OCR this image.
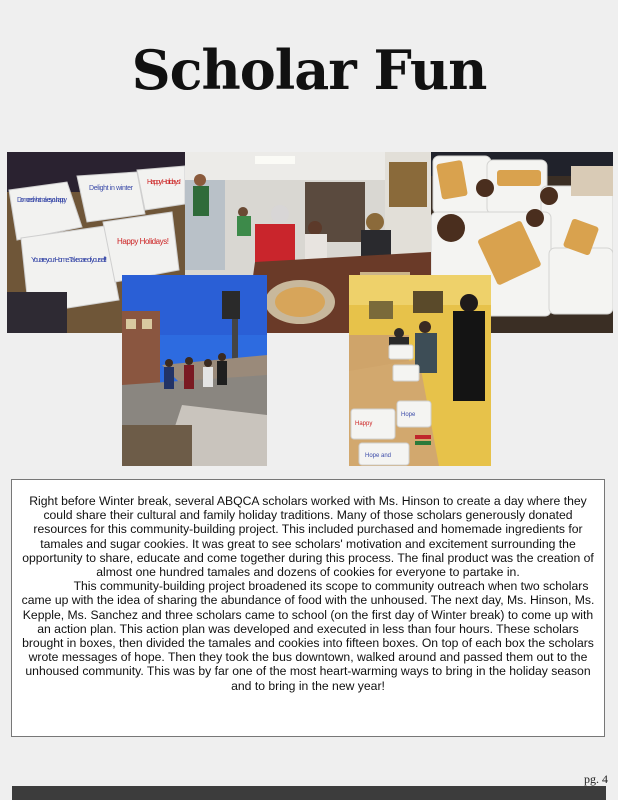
Scholar Fun
Do more of what makes you happy
Delight in winter
Happy Holidays!
You are your Home. Take care of yourself!!!
Happy Holidays!
Happy
Hope
Hope and

Right before Winter break, several ABQCA scholars worked with Ms. Hinson to create a day where they could share their cultural and family holiday traditions. Many of those scholars generously donated resources for this community-building project. This included purchased and homemade ingredients for tamales and sugar cookies. It was great to see scholars' motivation and excitement surrounding the opportunity to share, educate and come together during this process. The final product was the creation of almost one hundred tamales and dozens of cookies for everyone to partake in.

This community-building project broadened its scope to community outreach when two scholars came up with the idea of sharing the abundance of food with the unhoused. The next day, Ms. Hinson, Ms. Kepple, Ms. Sanchez and three scholars came to school (on the first day of Winter break) to come up with an action plan. This action plan was developed and executed in less than four hours. These scholars brought in boxes, then divided the tamales and cookies into fifteen boxes. On top of each box the scholars wrote messages of hope. Then they took the bus downtown, walked around and passed them out to the unhoused community. This was by far one of the most heart-warming ways to bring in the holiday season and to bring in the new year!

pg. 4
